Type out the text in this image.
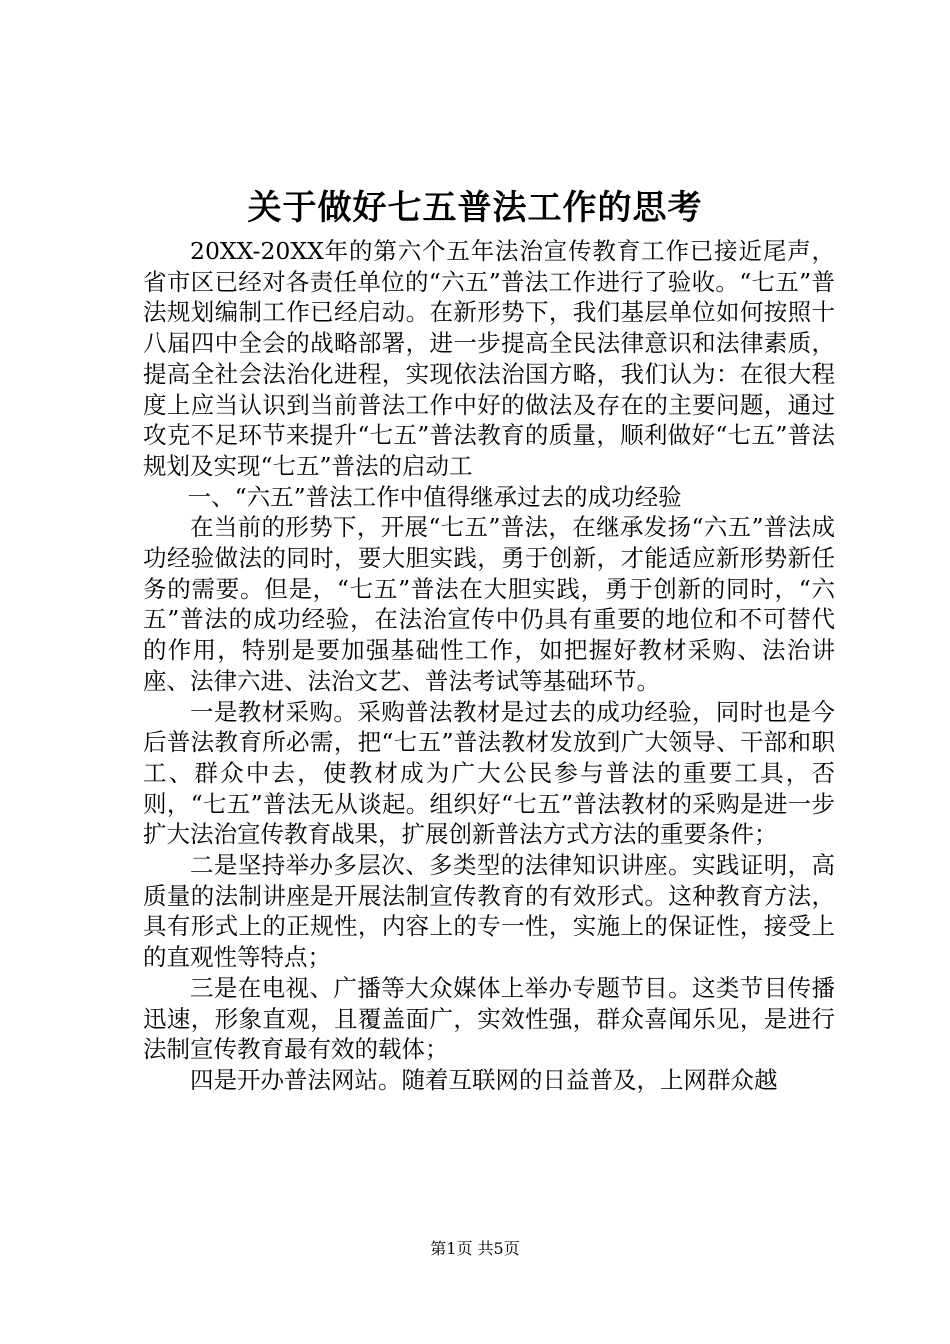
关于做好七五普法工作的思考

20XX-20XX年的第六个五年法治宣传教育工作已接近尾声，省市区已经对各责任单位的“六五”普法工作进行了验收。“七五”普法规划编制工作已经启动。在新形势下，我们基层单位如何按照十八届四中全会的战略部署，进一步提高全民法律意识和法律素质，提高全社会法治化进程，实现依法治国方略，我们认为：在很大程度上应当认识到当前普法工作中好的做法及存在的主要问题，通过攻克不足环节来提升“七五”普法教育的质量，顺利做好“七五”普法规划及实现“七五”普法的启动工

一、“六五”普法工作中值得继承过去的成功经验

在当前的形势下，开展“七五”普法，在继承发扬“六五”普法成功经验做法的同时，要大胆实践，勇于创新，才能适应新形势新任务的需要。但是，“七五”普法在大胆实践，勇于创新的同时，“六五”普法的成功经验，在法治宣传中仍具有重要的地位和不可替代的作用，特别是要加强基础性工作，如把握好教材采购、法治讲座、法律六进、法治文艺、普法考试等基础环节。

一是教材采购。采购普法教材是过去的成功经验，同时也是今后普法教育所必需，把“七五”普法教材发放到广大领导、干部和职工、群众中去，使教材成为广大公民参与普法的重要工具，否则，“七五”普法无从谈起。组织好“七五”普法教材的采购是进一步扩大法治宣传教育战果，扩展创新普法方式方法的重要条件；

二是坚持举办多层次、多类型的法律知识讲座。实践证明，高质量的法制讲座是开展法制宣传教育的有效形式。这种教育方法，具有形式上的正规性，内容上的专一性，实施上的保证性，接受上的直观性等特点；

三是在电视、广播等大众媒体上举办专题节目。这类节目传播迅速，形象直观，且覆盖面广，实效性强，群众喜闻乐见，是进行法制宣传教育最有效的载体；

四是开办普法网站。随着互联网的日益普及，上网群众越

第1页 共5页
